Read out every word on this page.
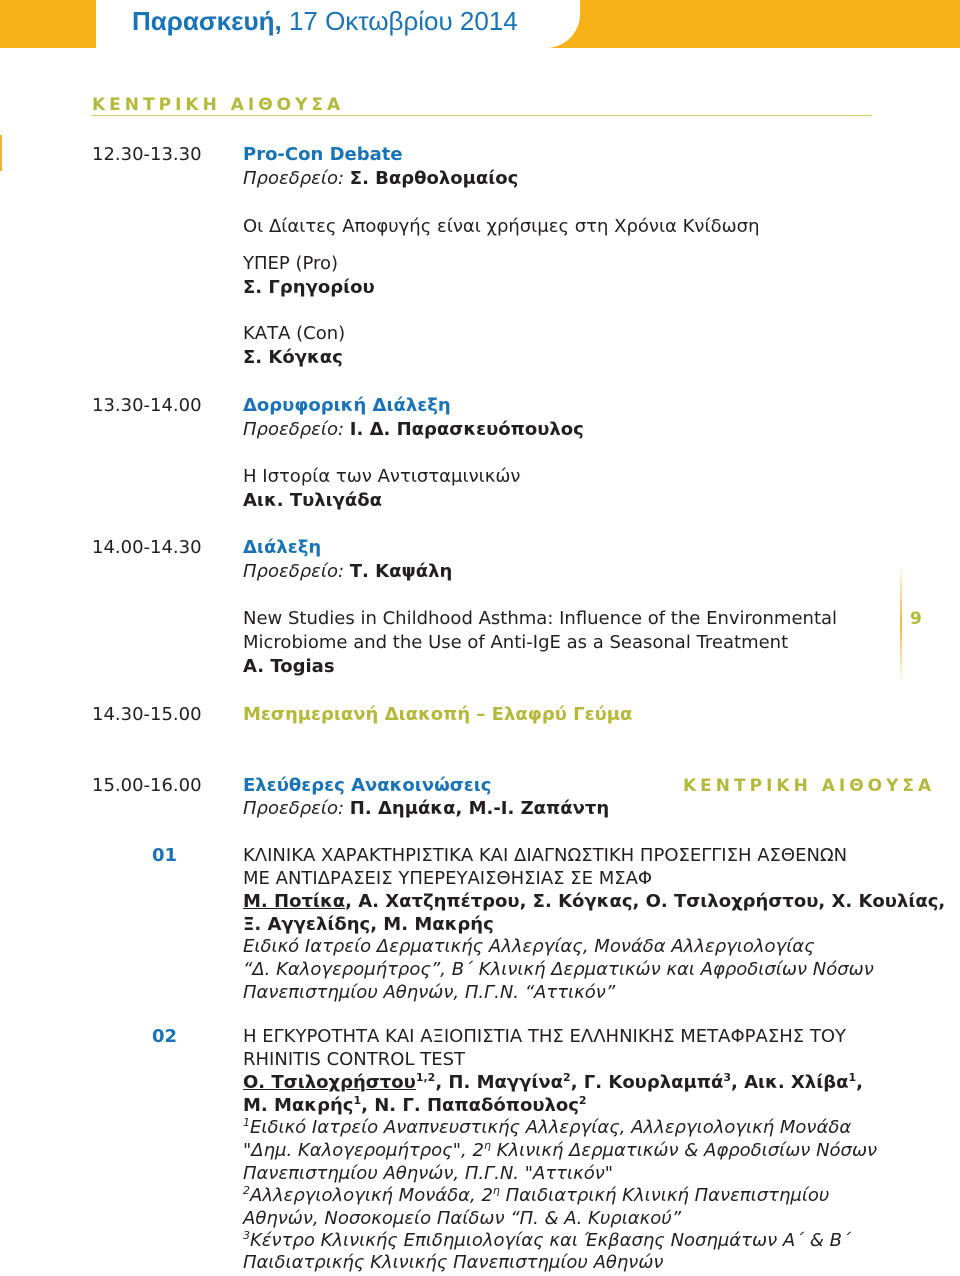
Παρασκευή, 17 Οκτωβρίου 2014
ΚΕΝΤΡΙΚΗ ΑΙΘΟΥΣΑ
9
12.30-13.30 Pro-Con Debate
Προεδρείο: Σ. Βαρθολομαίος
Οι Δίαιτες Αποφυγής είναι χρήσιμες στη Χρόνια Κνίδωση
ΥΠΕΡ (Pro)
Σ. Γρηγορίου
ΚΑΤΑ (Con)
Σ. Κόγκας
13.30-14.00 Δορυφορική Διάλεξη
Προεδρείο: Ι. Δ. Παρασκευόπουλος
Η Ιστορία των Αντισταμινικών
Αικ. Τυλιγάδα
14.00-14.30 Διάλεξη
Προεδρείο: Τ. Καψάλη
New Studies in Childhood Asthma: Influence of the Environmental
Microbiome and the Use of Anti-IgE as a Seasonal Treatment
A. Togias
14.30-15.00 Μεσημεριανή Διακοπή – Ελαφρύ Γεύμα
15.00-16.00 Ελεύθερες Ανακοινώσεις	ΚΕΝΤΡΙΚΗ ΑΙΘΟΥΣΑ
Προεδρείο: Π. Δημάκα, Μ.-Ι. Ζαπάντη
01	ΚΛΙΝΙΚΑ ΧΑΡΑΚΤΗΡΙΣΤΙΚΑ ΚΑΙ ΔΙΑΓΝΩΣΤΙΚΗ ΠΡΟΣΕΓΓΙΣΗ ΑΣΘΕΝΩΝ
ΜΕ ΑΝΤΙΔΡΑΣΕΙΣ ΥΠΕΡΕΥΑΙΣΘΗΣΙΑΣ ΣΕ ΜΣΑΦ
Μ. Ποτίκα, Α. Χατζηπέτρου, Σ. Κόγκας, Ο. Τσιλοχρήστου, Χ. Κουλίας,
Ξ. Αγγελίδης, Μ. Μακρής
Ειδικό Ιατρείο Δερματικής Αλλεργίας, Μονάδα Αλλεργιολογίας
“Δ. Καλογερομήτρος”, Β΄ Κλινική Δερματικών και Αφροδισίων Νόσων
Πανεπιστημίου Αθηνών, Π.Γ.Ν. “Αττικόν”
02	Η ΕΓΚΥΡΟΤΗΤΑ ΚΑΙ ΑΞΙΟΠΙΣΤΙΑ ΤΗΣ ΕΛΛΗΝΙΚΗΣ ΜΕΤΑΦΡΑΣΗΣ ΤΟΥ
RHINITIS CONTROL TEST
Ο. Τσιλοχρήστου$^{1,2}$, Π. Μαγγίνα$^2$, Γ. Κουρλαμπά$^3$, Αικ. Χλίβα$^1$,
Μ. Μακρής$^1$, Ν. Γ. Παπαδόπουλος$^2$
$^1$Ειδικό Ιατρείο Αναπνευστικής Αλλεργίας, Αλλεργιολογική Μονάδα
"Δημ. Καλογερομήτρος", $2^\eta$ Κλινική Δερματικών & Αφροδισίων Νόσων
Πανεπιστημίου Αθηνών, Π.Γ.Ν. "Αττικόν"
$^2$Αλλεργιολογική Μονάδα, $2^\eta$ Παιδιατρική Κλινική Πανεπιστημίου
Αθηνών, Νοσοκομείο Παίδων “Π. & Α. Κυριακού”
$^3$Κέντρο Κλινικής Επιδημιολογίας και Έκβασης Νοσημάτων Α΄ & Β΄
Παιδιατρικής Κλινικής Πανεπιστημίου Αθηνών
